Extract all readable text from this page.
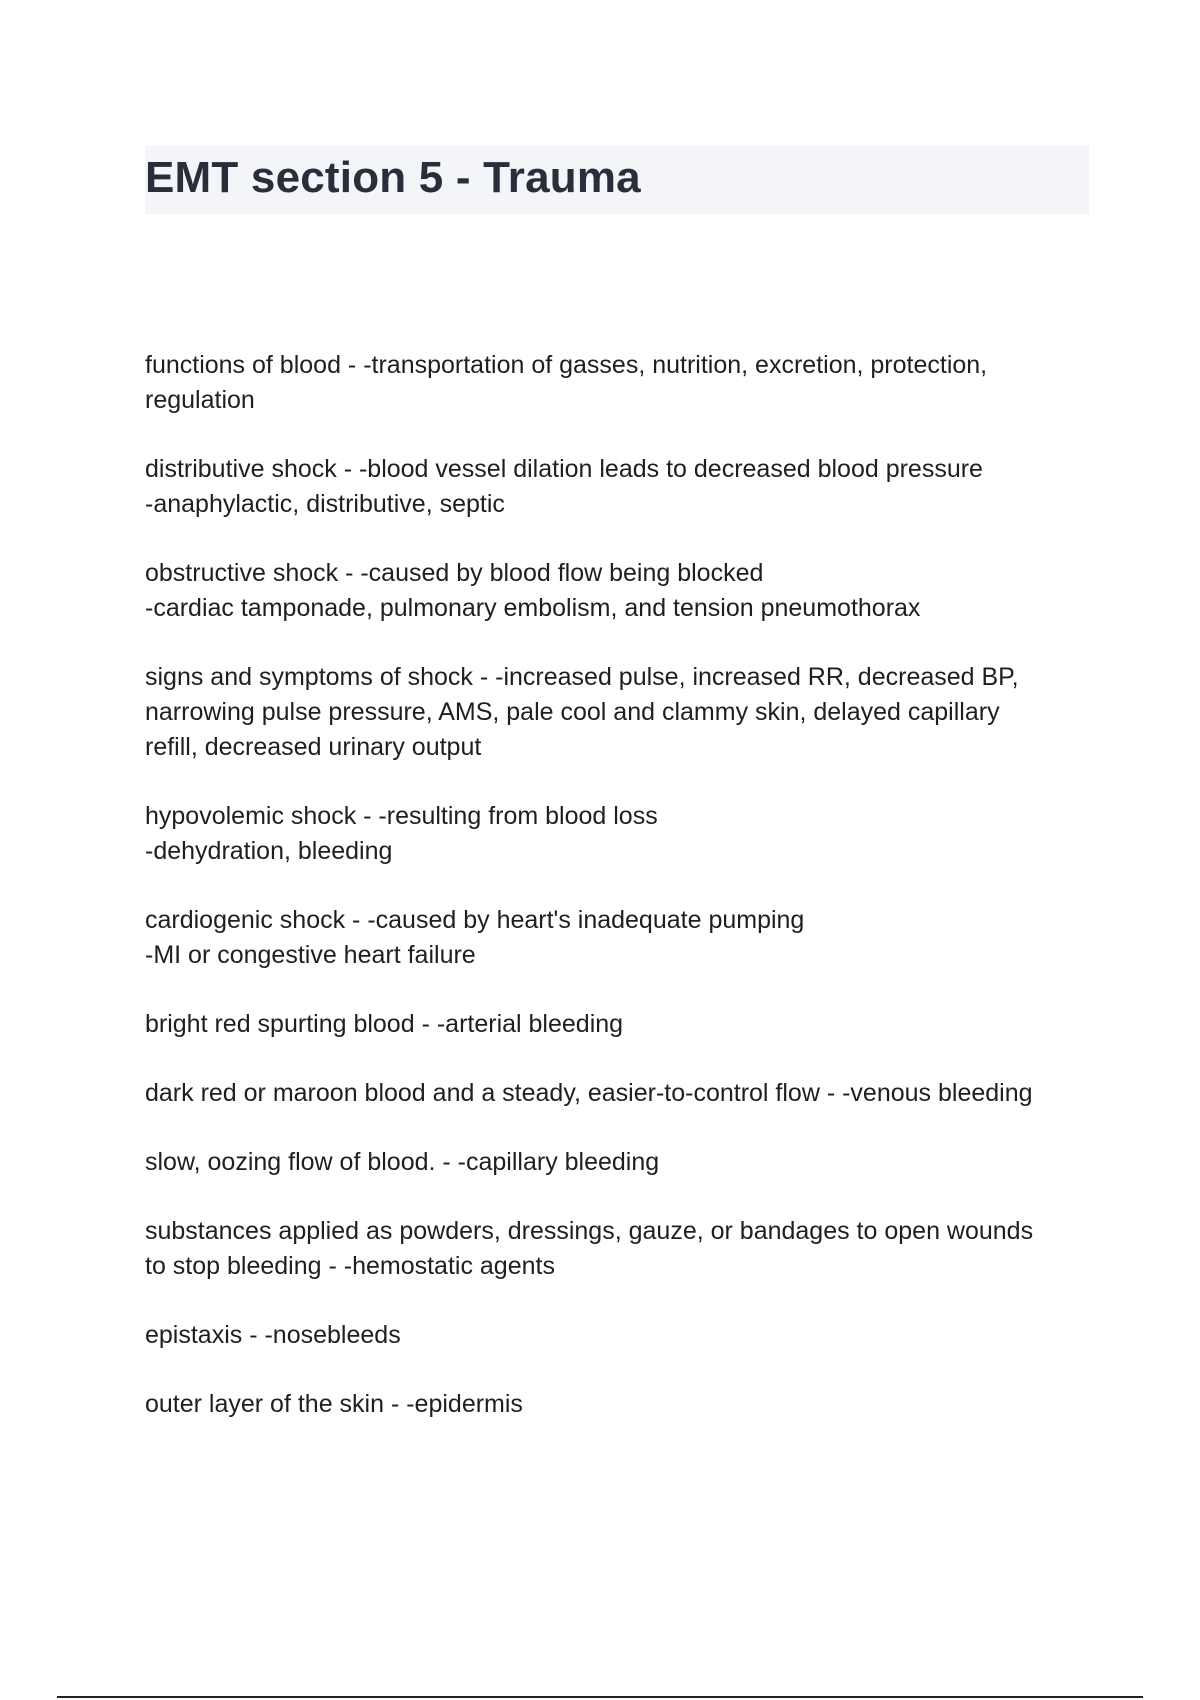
EMT section 5 - Trauma
functions of blood - -transportation of gasses, nutrition, excretion, protection,
regulation
distributive shock - -blood vessel dilation leads to decreased blood pressure
-anaphylactic, distributive, septic
obstructive shock - -caused by blood flow being blocked
-cardiac tamponade, pulmonary embolism, and tension pneumothorax
signs and symptoms of shock - -increased pulse, increased RR, decreased BP,
narrowing pulse pressure, AMS, pale cool and clammy skin, delayed capillary
refill, decreased urinary output
hypovolemic shock - -resulting from blood loss
-dehydration, bleeding
cardiogenic shock - -caused by heart's inadequate pumping
-MI or congestive heart failure
bright red spurting blood - -arterial bleeding
dark red or maroon blood and a steady, easier-to-control flow - -venous bleeding
slow, oozing flow of blood. - -capillary bleeding
substances applied as powders, dressings, gauze, or bandages to open wounds
to stop bleeding - -hemostatic agents
epistaxis - -nosebleeds
outer layer of the skin - -epidermis
